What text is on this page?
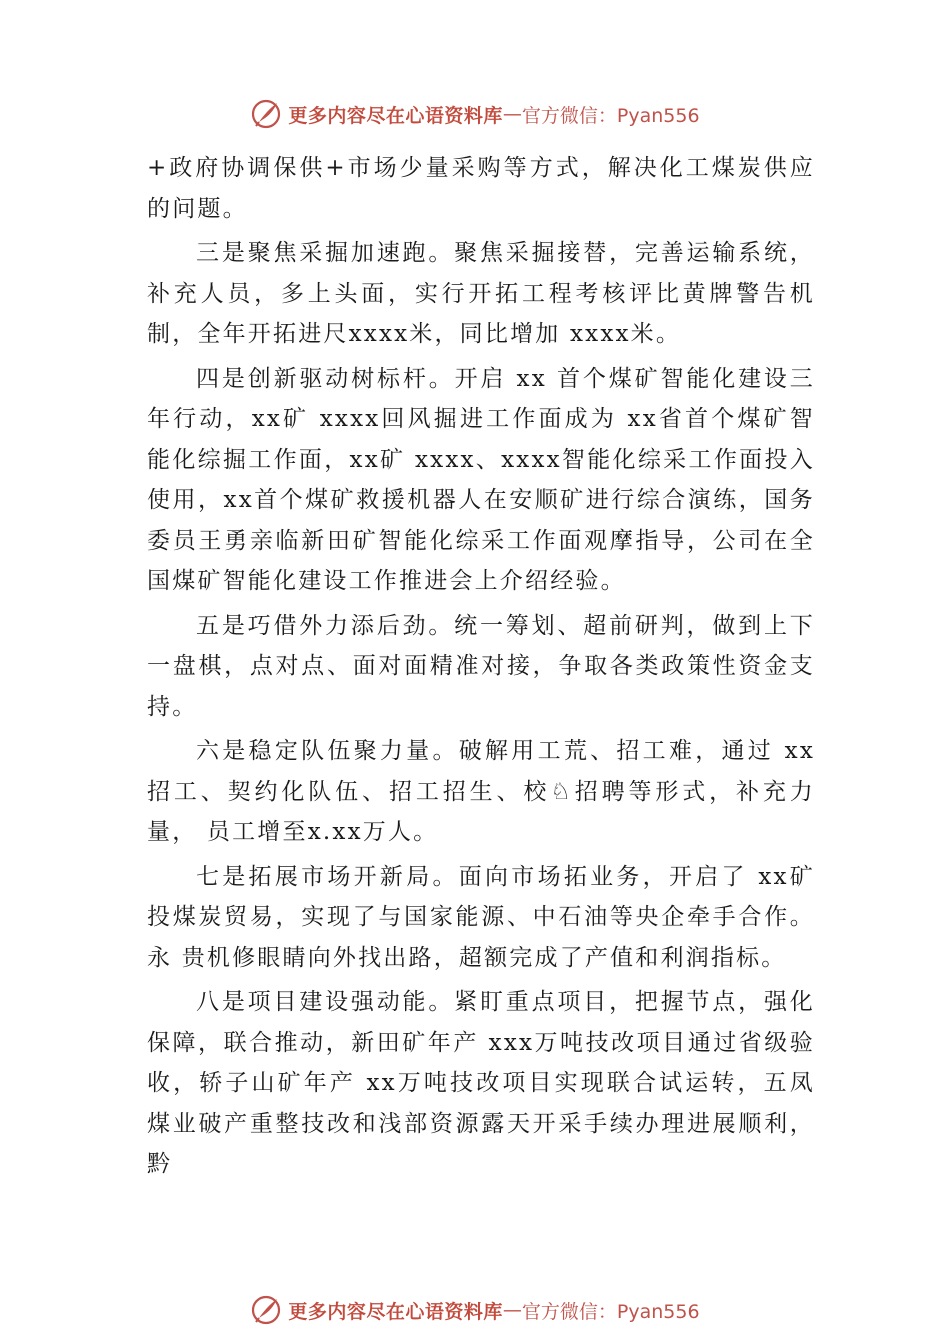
更多内容尽在心语资料库 — 官方微信：Pyan556

+政府协调保供+市场少量采购等方式，解决化工煤炭供应的问题。

三是聚焦采掘加速跑。聚焦采掘接替，完善运输系统，补充人员，多上头面，实行开拓工程考核评比黄牌警告机制，全年开拓进尺xxxx米，同比增加 xxxx米。

四是创新驱动树标杆。开启 xx 首个煤矿智能化建设三年行动，xx矿 xxxx回风掘进工作面成为 xx省首个煤矿智能化综掘工作面，xx矿 xxxx、xxxx智能化综采工作面投入使用，xx首个煤矿救援机器人在安顺矿进行综合演练，国务委员王勇亲临新田矿智能化综采工作面观摩指导，公司在全国煤矿智能化建设工作推进会上介绍经验。

五是巧借外力添后劲。统一筹划、超前研判，做到上下一盘棋，点对点、面对面精准对接，争取各类政策性资金支持。

六是稳定队伍聚力量。破解用工荒、招工难，通过 xx招工、契约化队伍、招工招生、校♘招聘等形式，补充力量， 员工增至x.xx万人。

七是拓展市场开新局。面向市场拓业务，开启了 xx矿投煤炭贸易，实现了与国家能源、中石油等央企牵手合作。永 贵机修眼睛向外找出路，超额完成了产值和利润指标。

八是项目建设强动能。紧盯重点项目，把握节点，强化保障，联合推动，新田矿年产 xxx万吨技改项目通过省级验收，轿子山矿年产 xx万吨技改项目实现联合试运转，五凤煤业破产重整技改和浅部资源露天开采手续办理进展顺利，黔

更多内容尽在心语资料库 — 官方微信：Pyan556
